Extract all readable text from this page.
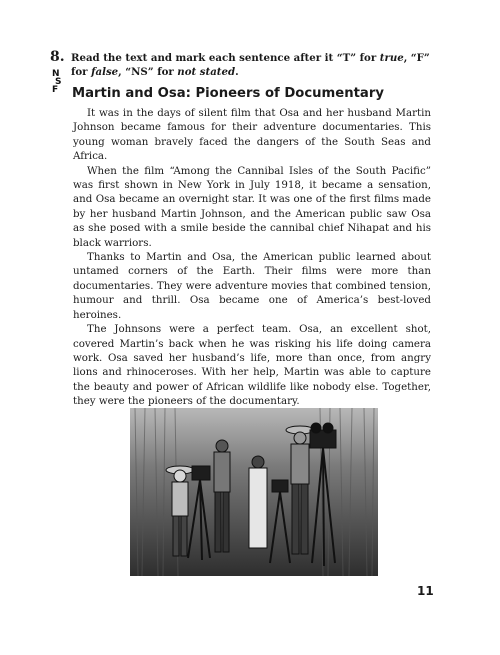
8. Read the text and mark each sentence after it “T” for true, “F” for false, “NS” for not stated.
N
S
F	Martin and Osa: Pioneers of Documentary

It was in the days of silent film that Osa and her husband Martin Johnson became famous for their adventure documentaries. This young woman bravely faced the dangers of the South Seas and Africa.

When the film “Among the Cannibal Isles of the South Pacific” was first shown in New York in July 1918, it became a sensation, and Osa became an overnight star. It was one of the first films made by her husband Martin Johnson, and the American public saw Osa as she posed with a smile beside the cannibal chief Nihapat and his black warriors.

Thanks to Martin and Osa, the American public learned about untamed corners of the Earth. Their films were more than documentaries. They were adventure movies that combined tension, humour and thrill. Osa became one of America’s best-loved heroines.

The Johnsons were a perfect team. Osa, an excellent shot, covered Martin’s back when he was risking his life doing camera work. Osa saved her husband’s life, more than once, from angry lions and rhinoceroses. With her help, Martin was able to capture the beauty and power of African wildlife like nobody else. Together, they were the pioneers of the documentary.

11
